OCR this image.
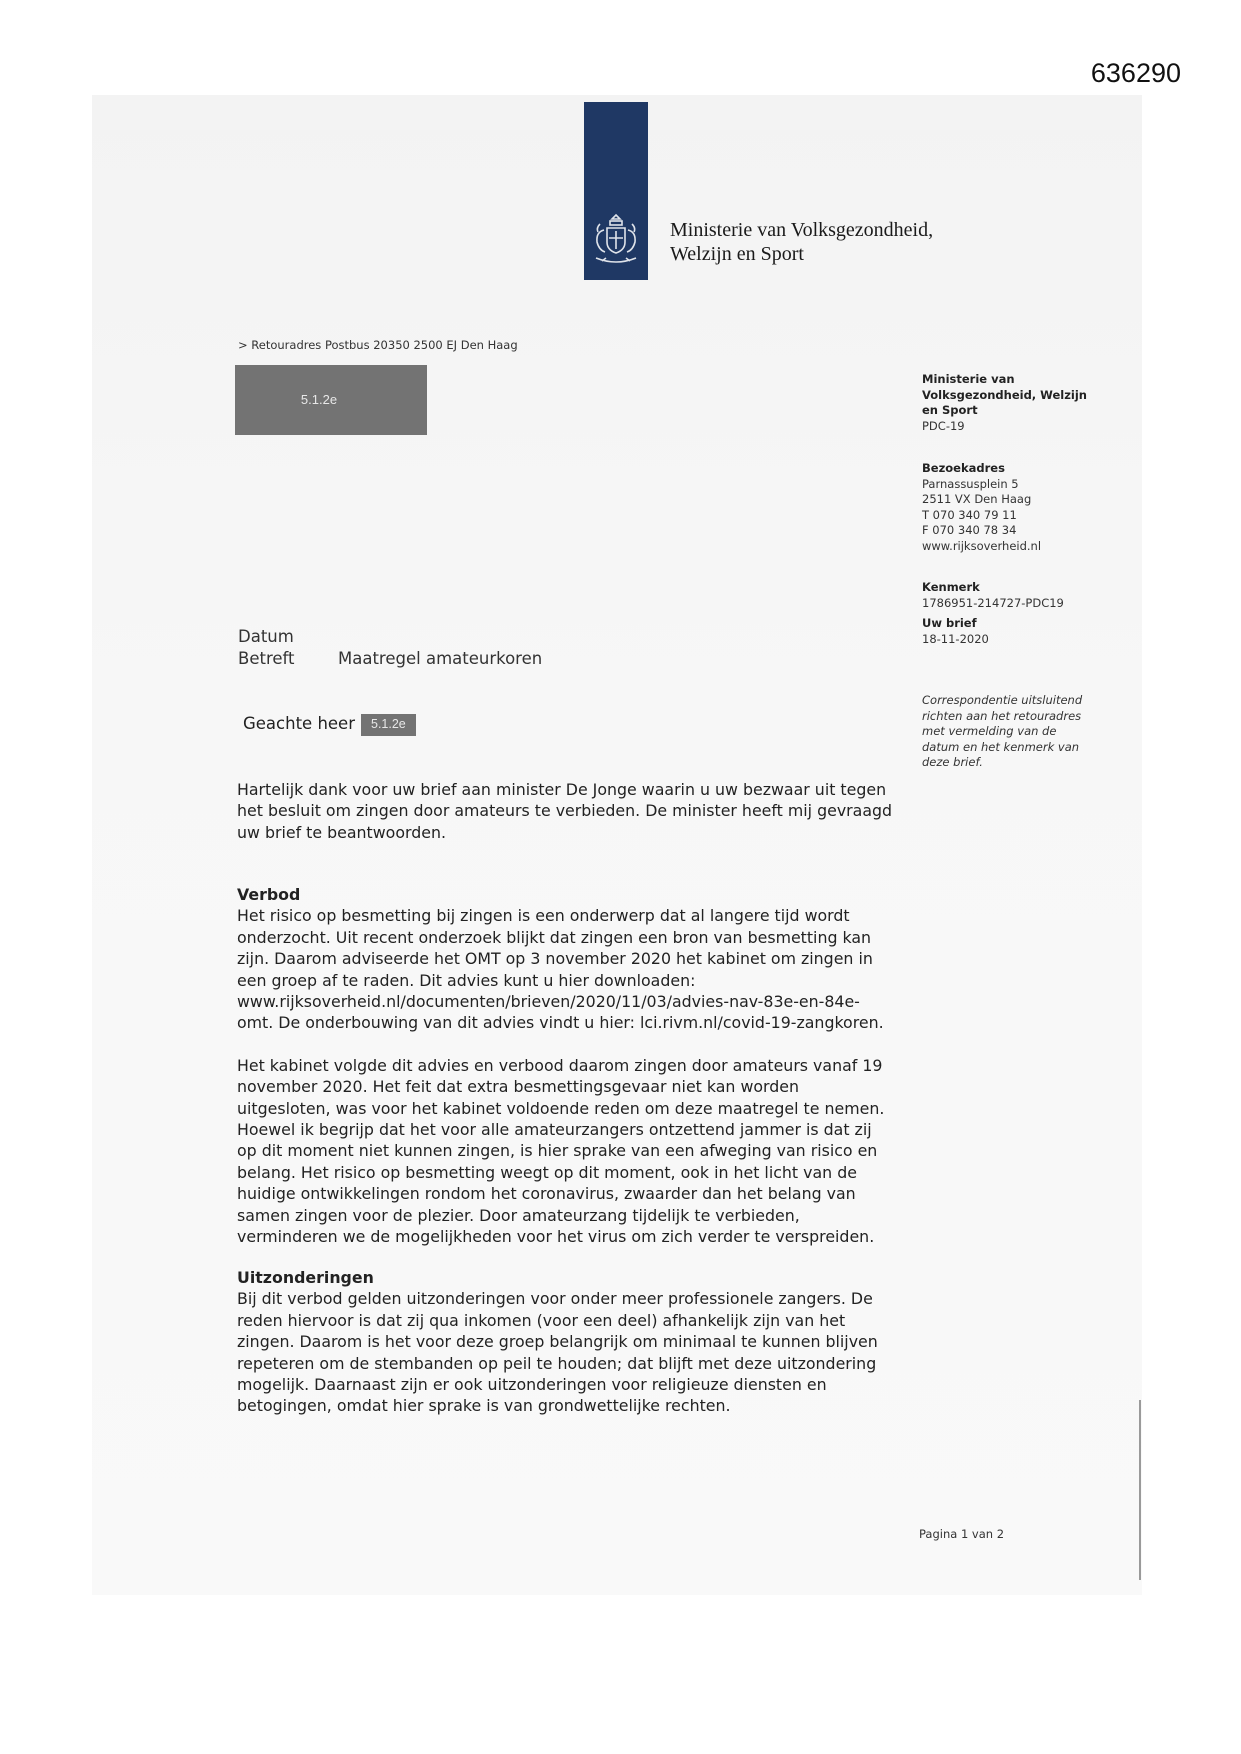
636290
Ministerie van Volksgezondheid,
Welzijn en Sport
> Retouradres Postbus 20350 2500 EJ Den Haag
5.1.2e

Ministerie van

Volksgezondheid, Welzijn

en Sport

PDC-19

Bezoekadres

Parnassusplein 5

2511 VX Den Haag

T 070 340 79 11

F 070 340 78 34

www.rijksoverheid.nl

Kenmerk

1786951-214727-PDC19

Uw brief

18-11-2020

Correspondentie uitsluitend

richten aan het retouradres

met vermelding van de

datum en het kenmerk van

deze brief.

Datum
Betreft	Maatregel amateurkoren
Geachte heer 5.1.2e

Hartelijk dank voor uw brief aan minister De Jonge waarin u uw bezwaar uit tegen

het besluit om zingen door amateurs te verbieden. De minister heeft mij gevraagd

uw brief te beantwoorden.

Verbod

Het risico op besmetting bij zingen is een onderwerp dat al langere tijd wordt

onderzocht. Uit recent onderzoek blijkt dat zingen een bron van besmetting kan

zijn. Daarom adviseerde het OMT op 3 november 2020 het kabinet om zingen in

een groep af te raden. Dit advies kunt u hier downloaden:

www.rijksoverheid.nl/documenten/brieven/2020/11/03/advies-nav-83e-en-84e-

omt. De onderbouwing van dit advies vindt u hier: lci.rivm.nl/covid-19-zangkoren.

Het kabinet volgde dit advies en verbood daarom zingen door amateurs vanaf 19

november 2020. Het feit dat extra besmettingsgevaar niet kan worden

uitgesloten, was voor het kabinet voldoende reden om deze maatregel te nemen.

Hoewel ik begrijp dat het voor alle amateurzangers ontzettend jammer is dat zij

op dit moment niet kunnen zingen, is hier sprake van een afweging van risico en

belang. Het risico op besmetting weegt op dit moment, ook in het licht van de

huidige ontwikkelingen rondom het coronavirus, zwaarder dan het belang van

samen zingen voor de plezier. Door amateurzang tijdelijk te verbieden,

verminderen we de mogelijkheden voor het virus om zich verder te verspreiden.

Uitzonderingen

Bij dit verbod gelden uitzonderingen voor onder meer professionele zangers. De

reden hiervoor is dat zij qua inkomen (voor een deel) afhankelijk zijn van het

zingen. Daarom is het voor deze groep belangrijk om minimaal te kunnen blijven

repeteren om de stembanden op peil te houden; dat blijft met deze uitzondering

mogelijk. Daarnaast zijn er ook uitzonderingen voor religieuze diensten en

betogingen, omdat hier sprake is van grondwettelijke rechten.

Pagina 1 van 2
